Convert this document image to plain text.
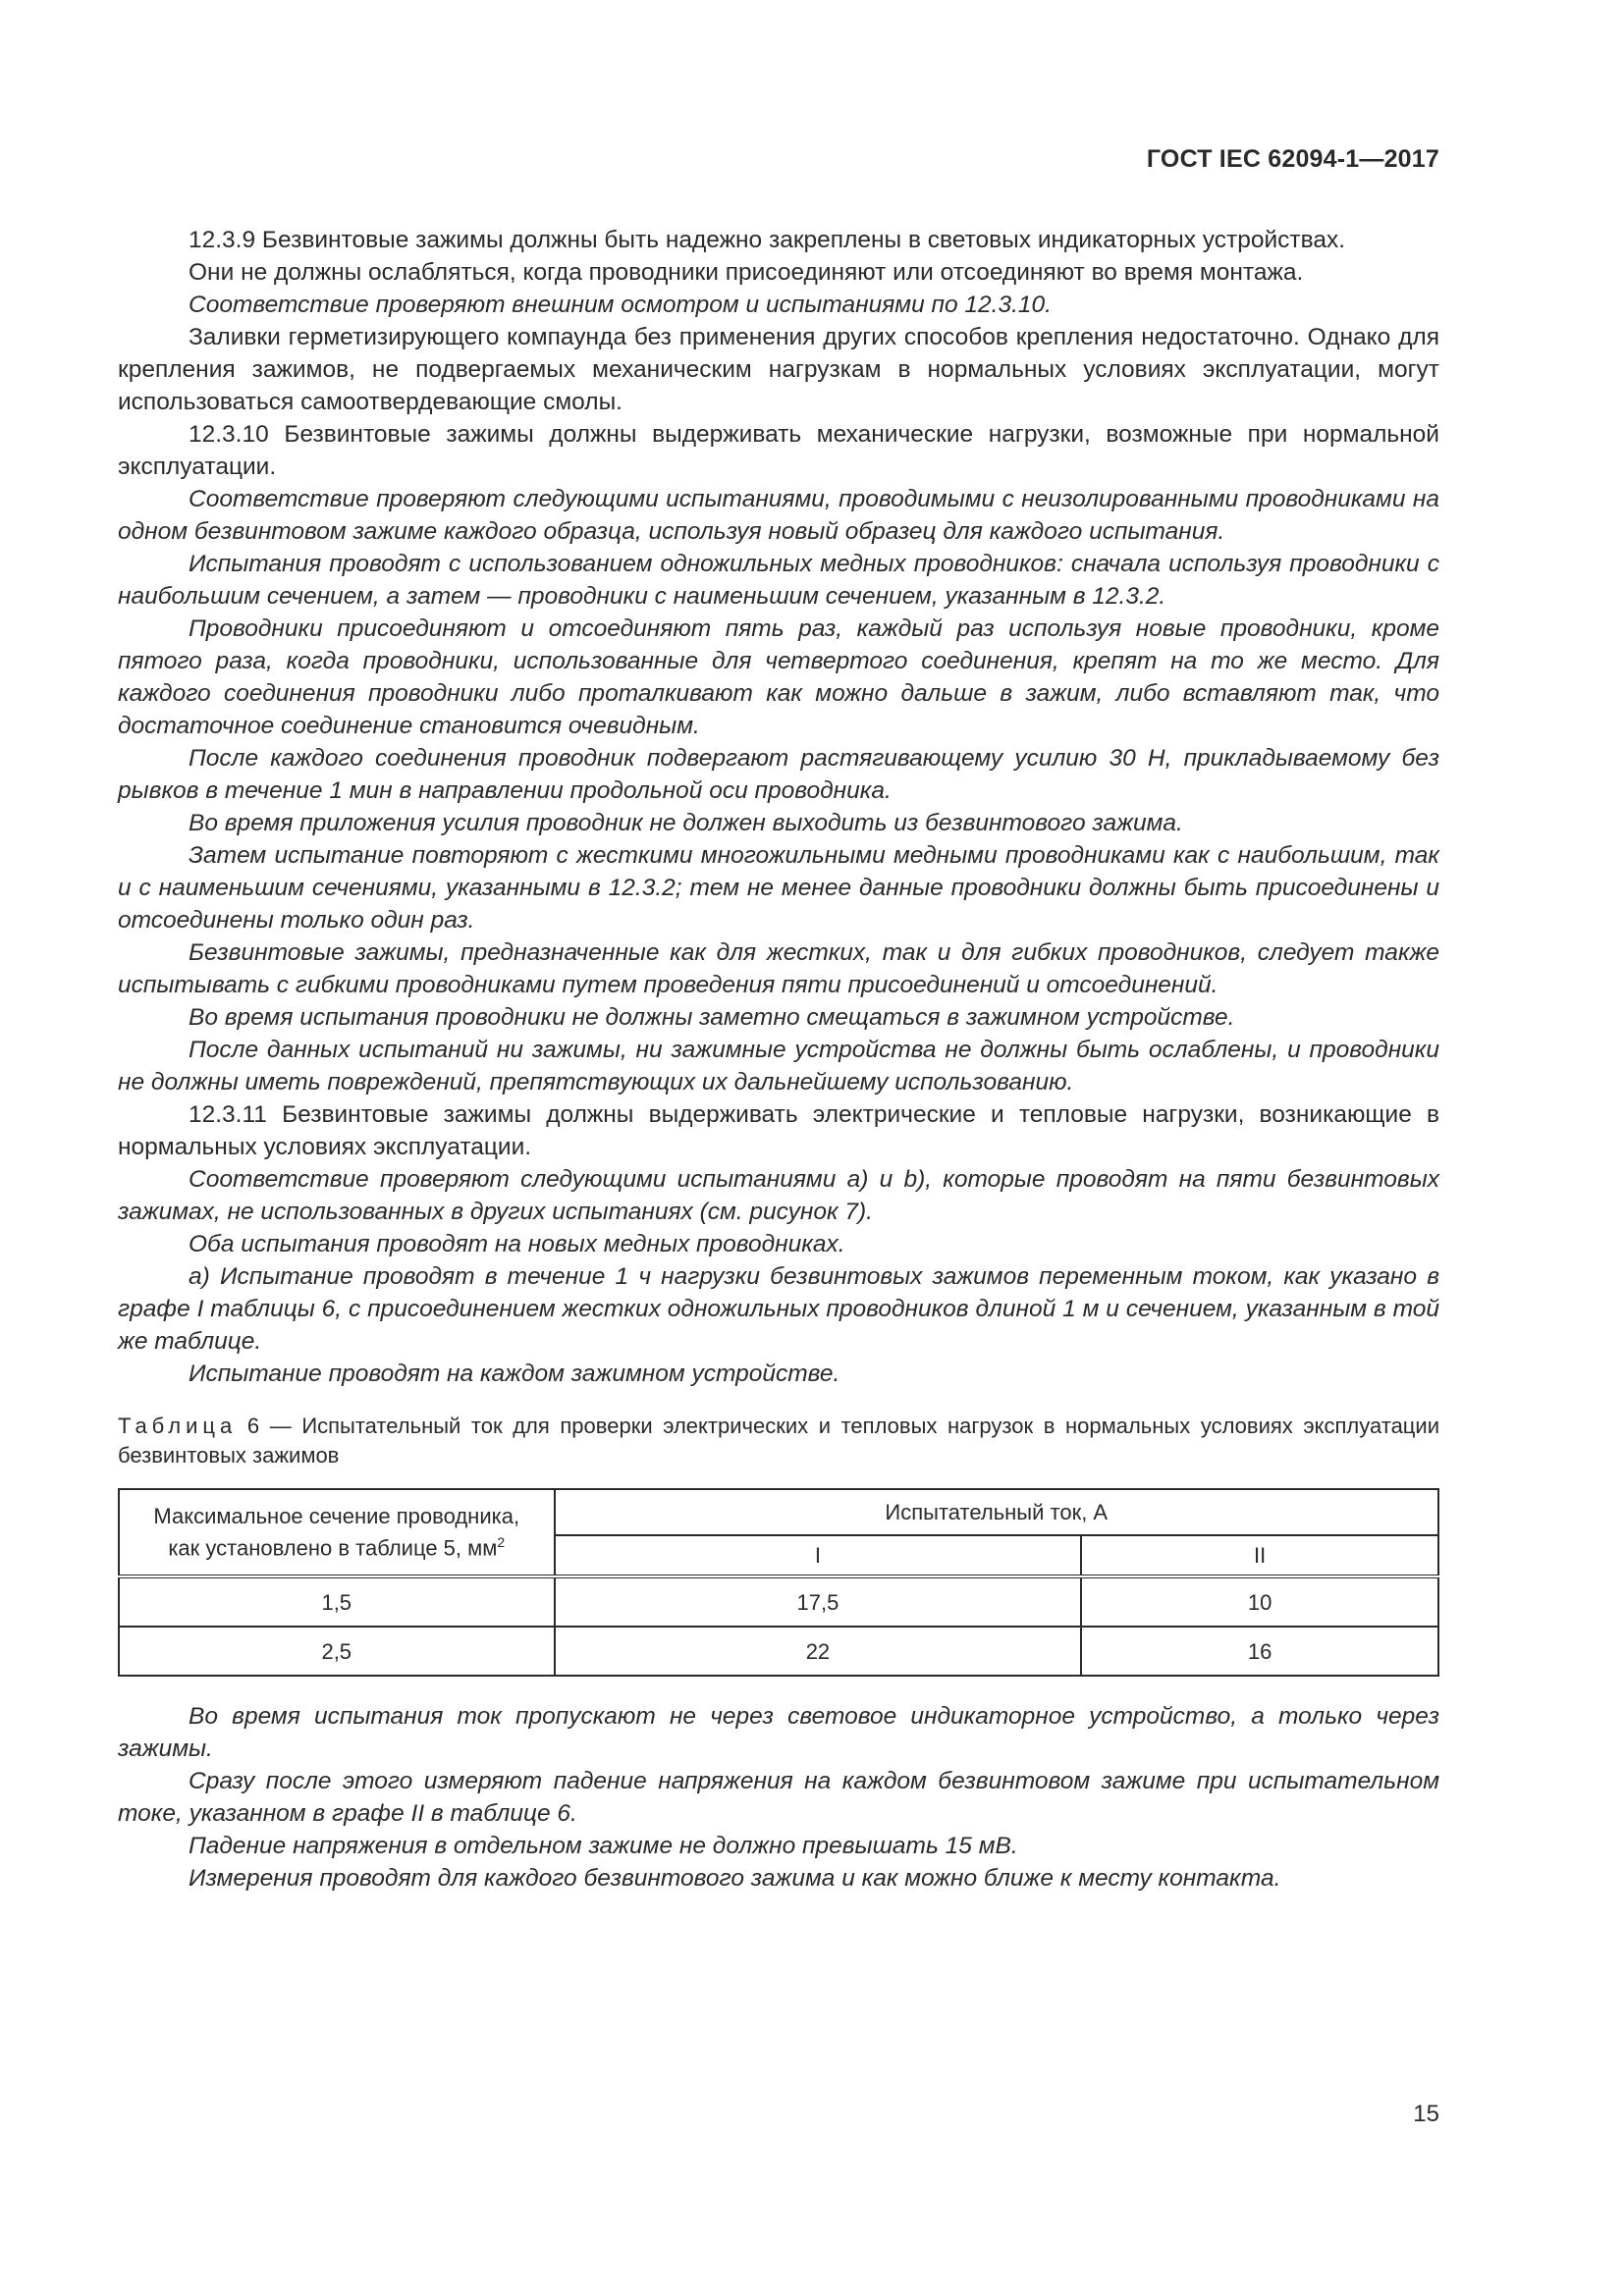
ГОСТ IEC 62094-1—2017

12.3.9 Безвинтовые зажимы должны быть надежно закреплены в световых индикаторных устройствах.

Они не должны ослабляться, когда проводники присоединяют или отсоединяют во время монтажа.

Соответствие проверяют внешним осмотром и испытаниями по 12.3.10.

Заливки герметизирующего компаунда без применения других способов крепления недостаточно. Однако для крепления зажимов, не подвергаемых механическим нагрузкам в нормальных условиях эксплуатации, могут использоваться самоотвердевающие смолы.

12.3.10 Безвинтовые зажимы должны выдерживать механические нагрузки, возможные при нормальной эксплуатации.

Соответствие проверяют следующими испытаниями, проводимыми с неизолированными проводниками на одном безвинтовом зажиме каждого образца, используя новый образец для каждого испытания.

Испытания проводят с использованием одножильных медных проводников: сначала используя проводники с наибольшим сечением, а затем — проводники с наименьшим сечением, указанным в 12.3.2.

Проводники присоединяют и отсоединяют пять раз, каждый раз используя новые проводники, кроме пятого раза, когда проводники, использованные для четвертого соединения, крепят на то же место. Для каждого соединения проводники либо проталкивают как можно дальше в зажим, либо вставляют так, что достаточное соединение становится очевидным.

После каждого соединения проводник подвергают растягивающему усилию 30 Н, прикладываемому без рывков в течение 1 мин в направлении продольной оси проводника.

Во время приложения усилия проводник не должен выходить из безвинтового зажима.

Затем испытание повторяют с жесткими многожильными медными проводниками как с наибольшим, так и с наименьшим сечениями, указанными в 12.3.2; тем не менее данные проводники должны быть присоединены и отсоединены только один раз.

Безвинтовые зажимы, предназначенные как для жестких, так и для гибких проводников, следует также испытывать с гибкими проводниками путем проведения пяти присоединений и отсоединений.

Во время испытания проводники не должны заметно смещаться в зажимном устройстве.

После данных испытаний ни зажимы, ни зажимные устройства не должны быть ослаблены, и проводники не должны иметь повреждений, препятствующих их дальнейшему использованию.

12.3.11 Безвинтовые зажимы должны выдерживать электрические и тепловые нагрузки, возникающие в нормальных условиях эксплуатации.

Соответствие проверяют следующими испытаниями a) и b), которые проводят на пяти безвинтовых зажимах, не использованных в других испытаниях (см. рисунок 7).

Оба испытания проводят на новых медных проводниках.

a) Испытание проводят в течение 1 ч нагрузки безвинтовых зажимов переменным током, как указано в графе I таблицы 6, с присоединением жестких одножильных проводников длиной 1 м и сечением, указанным в той же таблице.

Испытание проводят на каждом зажимном устройстве.

Таблица 6 — Испытательный ток для проверки электрических и тепловых нагрузок в нормальных условиях эксплуатации безвинтовых зажимов
Максимальное сечение проводника,
как установлено в таблице 5, $мм^2$	Испытательный ток, А	
	I	II
1,5	17,5	10
2,5	22	16

Во время испытания ток пропускают не через световое индикаторное устройство, а только через зажимы.

Сразу после этого измеряют падение напряжения на каждом безвинтовом зажиме при испытательном токе, указанном в графе II в таблице 6.

Падение напряжения в отдельном зажиме не должно превышать 15 мВ.

Измерения проводят для каждого безвинтового зажима и как можно ближе к месту контакта.

15
